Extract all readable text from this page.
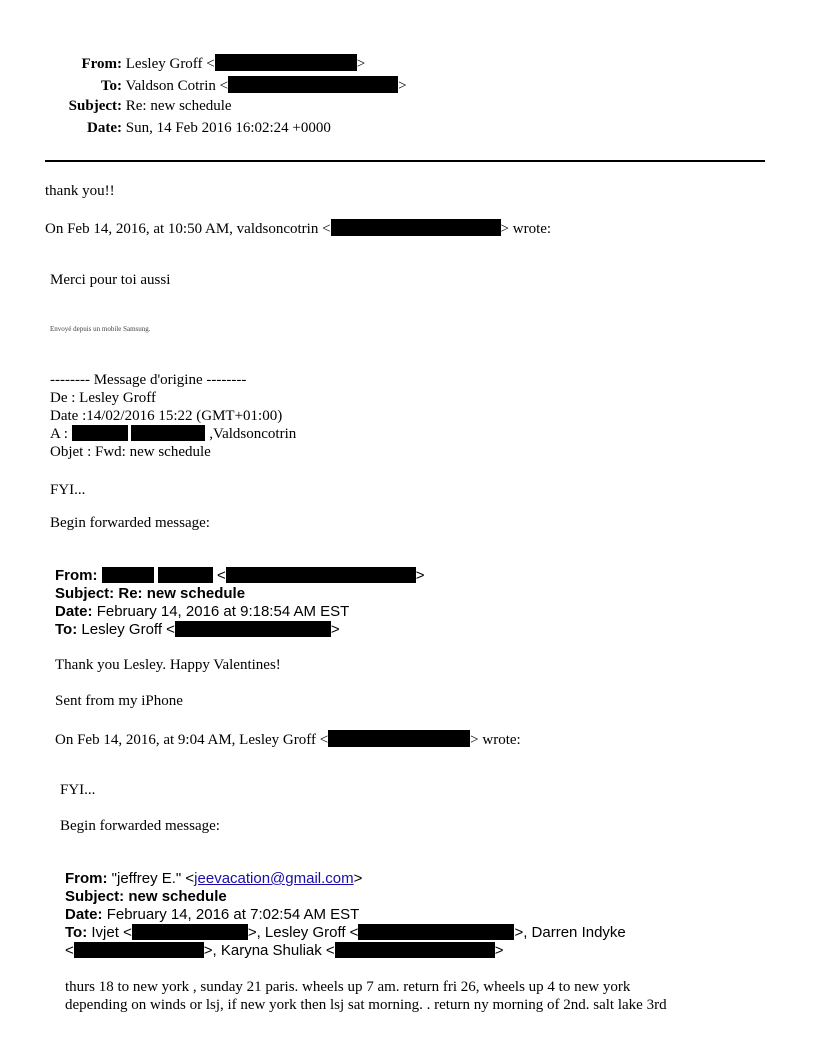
From: Lesley Groff <	>
To: Valdson Cotrin <	>
Subject: Re: new schedule
Date: Sun, 14 Feb 2016 16:02:24 +0000
thank you!!
On Feb 14, 2016, at 10:50 AM, valdsoncotrin <	> wrote:
Merci pour toi aussi
Envoyé depuis un mobile Samsung.
-------- Message d'origine --------
De : Lesley Groff
Date :14/02/2016 15:22 (GMT+01:00)
A :	,Valdsoncotrin
Objet : Fwd: new schedule
FYI...
Begin forwarded message:
From:	<	>
Subject: Re: new schedule
Date: February 14, 2016 at 9:18:54 AM EST
To: Lesley Groff <	>
Thank you Lesley. Happy Valentines!
Sent from my iPhone
On Feb 14, 2016, at 9:04 AM, Lesley Groff <	> wrote:
FYI...
Begin forwarded message:
From: "jeffrey E." <jeevacation@gmail.com>
Subject: new schedule
Date: February 14, 2016 at 7:02:54 AM EST
To: Ivjet <	>, Lesley Groff <	>, Darren Indyke
<	>, Karyna Shuliak <	>
thurs 18 to new york , sunday 21 paris. wheels up 7 am. return fri 26, wheels up 4 to new york
depending on winds or lsj, if new york then lsj sat morning. . return ny morning of 2nd. salt lake 3rd
